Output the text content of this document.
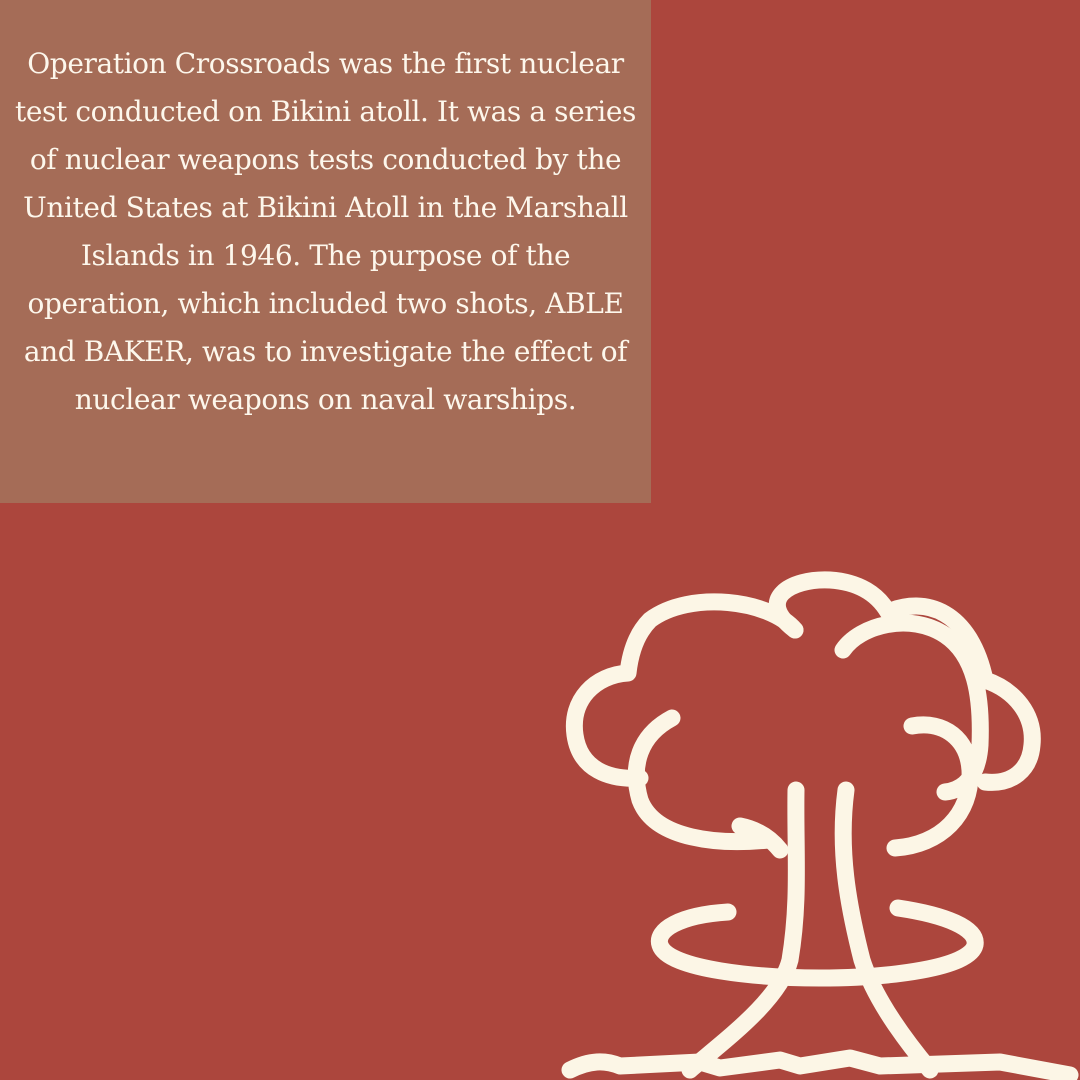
Operation Crossroads was the first nuclear test conducted on Bikini atoll. It was a series of nuclear weapons tests conducted by the United States at Bikini Atoll in the Marshall Islands in 1946. The purpose of the operation, which included two shots, ABLE and BAKER, was to investigate the effect of nuclear weapons on naval warships.
